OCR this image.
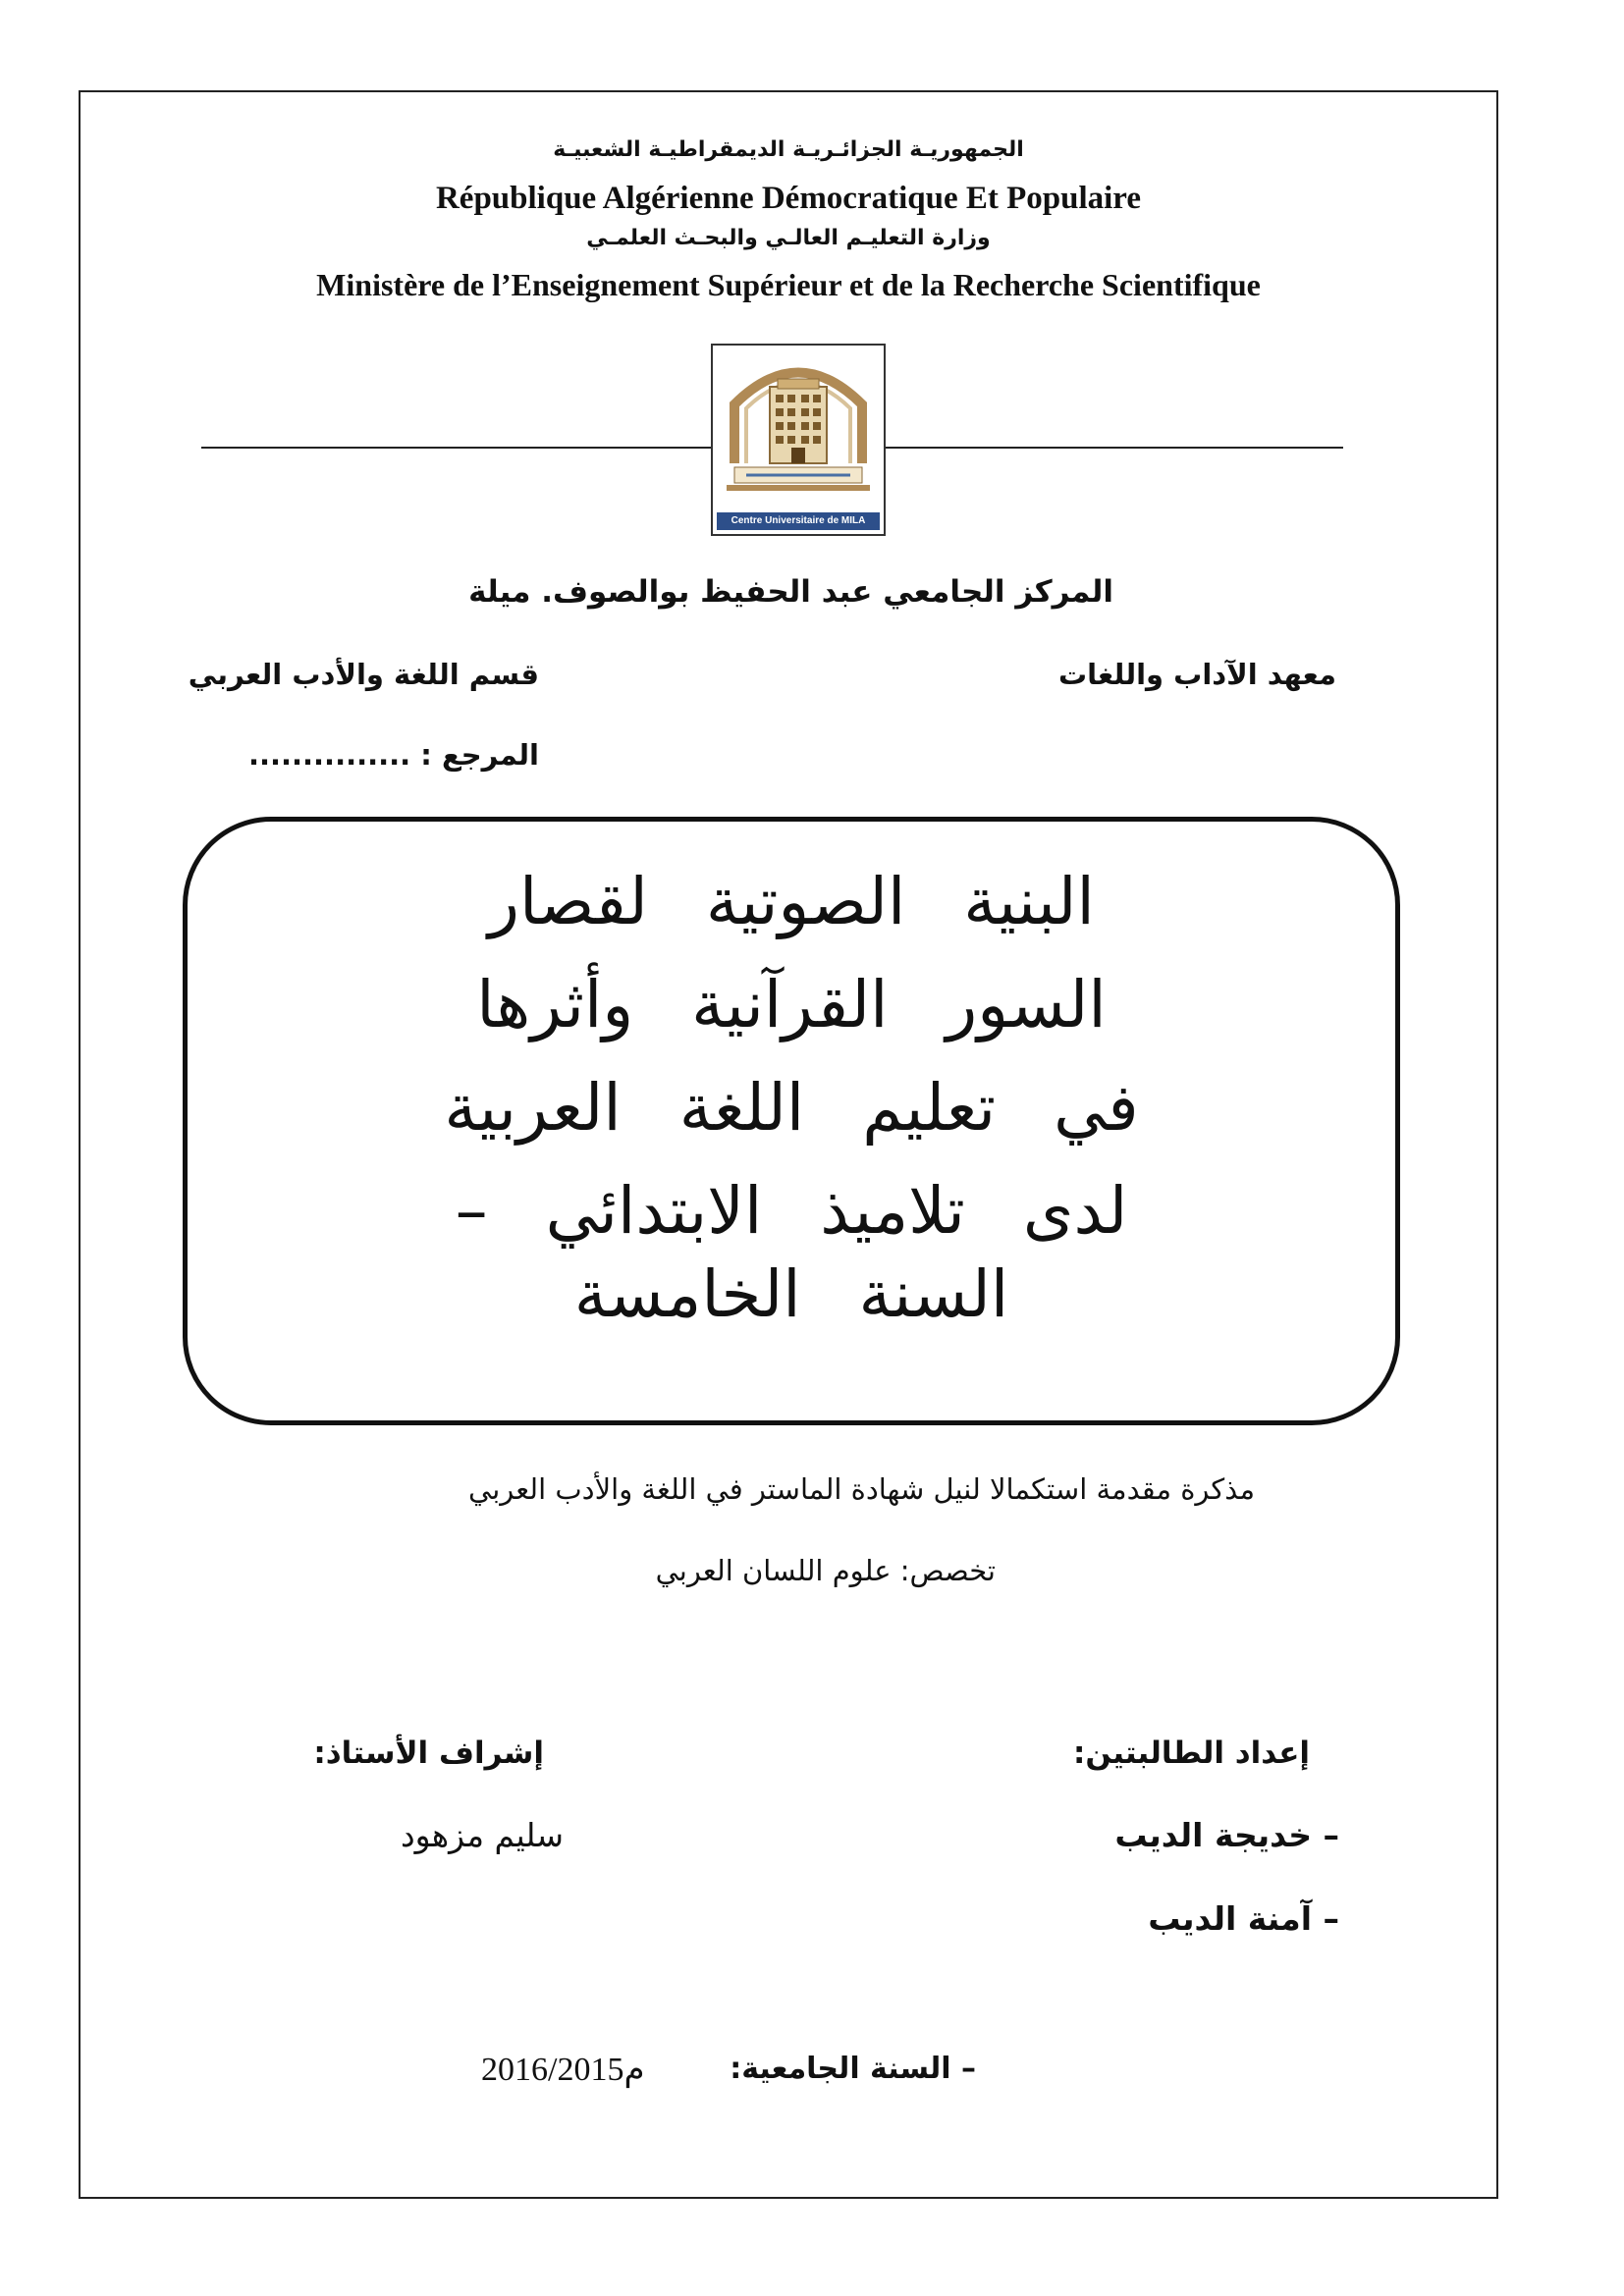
الجمهوريـة الجزائـريـة الديمقراطيـة الشعبيـة
République Algérienne Démocratique Et Populaire
وزارة التعليـم العالـي والبحـث العلمـي
Ministère de l’Enseignement Supérieur et de la Recherche Scientifique
Centre Universitaire de MILA
المركز الجامعي عبد الحفيظ بوالصوف. ميلة
معهد الآداب واللغات
قسم اللغة والأدب العربي
المرجع : ...............
البنية الصوتية لقصار
السور القرآنية وأثرها
في تعليم اللغة العربية
لدى تلاميذ الابتدائي –
السنة الخامسة
مذكرة مقدمة استكمالا لنيل شهادة الماستر في اللغة والأدب العربي
تخصص: علوم اللسان العربي
إعداد الطالبتين:
إشراف الأستاذ:
– خديجة الديب
سليم مزهود
– آمنة الديب
– السنة الجامعية:
2016/2015م
